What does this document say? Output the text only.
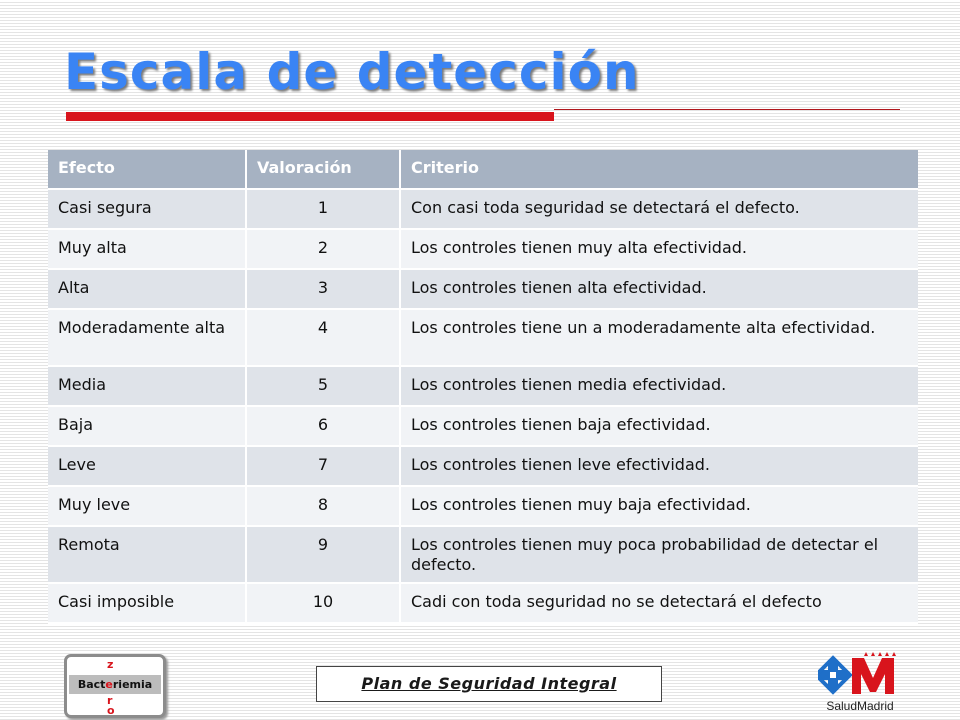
Escala de detección
Efecto	Valoración	Criterio
Casi segura	1	Con casi toda seguridad se detectará el defecto.
Muy alta	2	Los controles tienen muy alta efectividad.
Alta	3	Los controles tienen alta efectividad.
Moderadamente alta	4	Los controles tiene un a moderadamente alta efectividad.
Media	5	Los controles tienen media efectividad.
Baja	6	Los controles tienen baja efectividad.
Leve	7	Los controles tienen leve efectividad.
Muy leve	8	Los controles tienen muy baja efectividad.
Remota	9	Los controles tienen muy poca probabilidad de detectar el defecto.
Casi imposible	10	Cadi con toda seguridad no se detectará el defecto
z
Bacteriemia
r
o
Plan de Seguridad Integral
SaludMadrid
